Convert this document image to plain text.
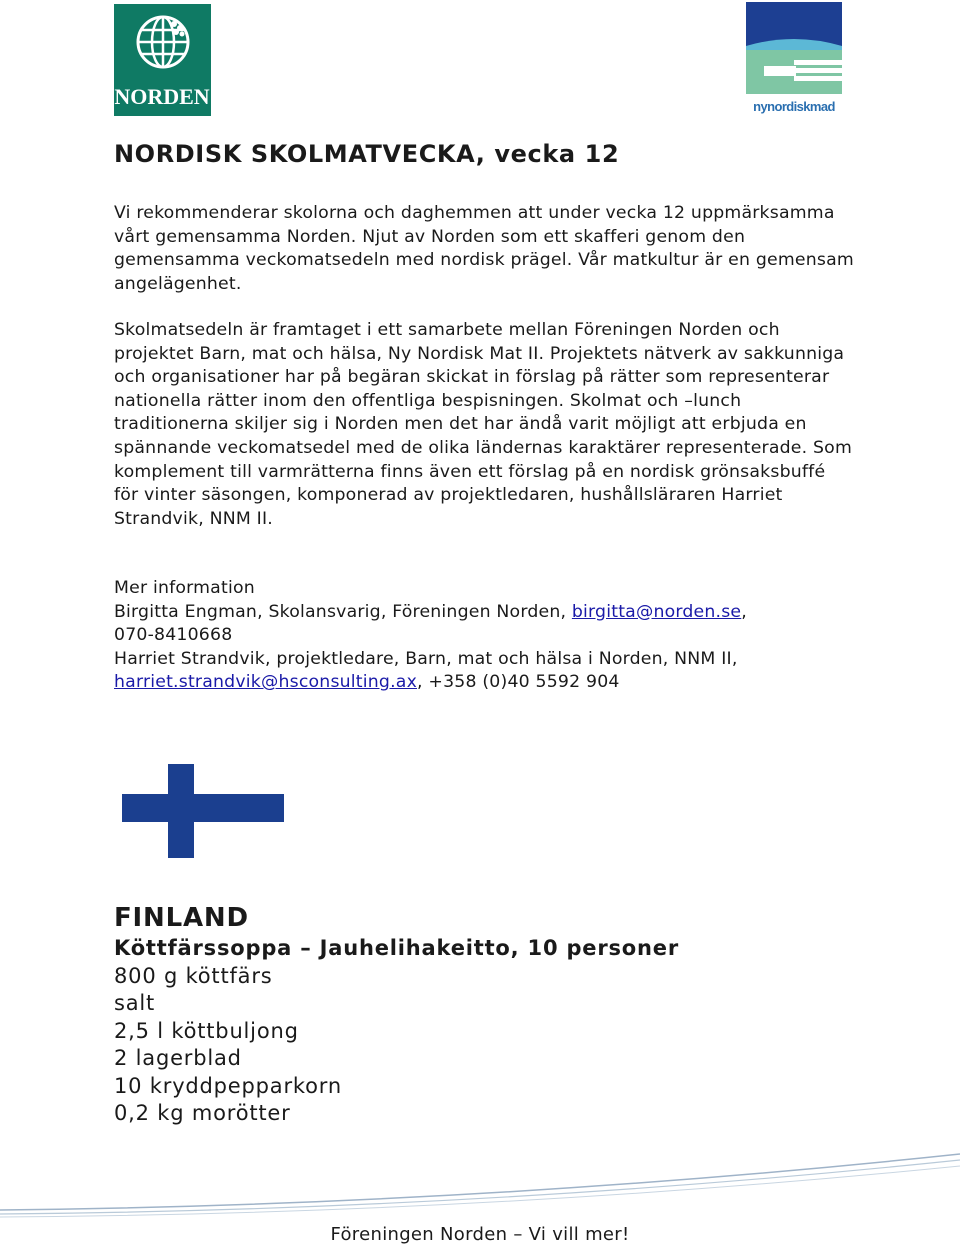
NORDEN	nynordiskmad
NORDISK SKOLMATVECKA, vecka 12

Vi rekommenderar skolorna och daghemmen att under vecka 12 uppmärksamma vårt gemensamma Norden. Njut av Norden som ett skafferi genom den gemensamma veckomatsedeln med nordisk prägel. Vår matkultur är en gemensam angelägenhet.

Skolmatsedeln är framtaget i ett samarbete mellan Föreningen Norden och projektet Barn, mat och hälsa, Ny Nordisk Mat II. Projektets nätverk av sakkunniga och organisationer har på begäran skickat in förslag på rätter som representerar nationella rätter inom den offentliga bespisningen. Skolmat och –lunch traditionerna skiljer sig i Norden men det har ändå varit möjligt att erbjuda en spännande veckomatsedel med de olika ländernas karaktärer representerade. Som komplement till varmrätterna finns även ett förslag på en nordisk grönsaksbuffé för vinter säsongen, komponerad av projektledaren, hushållsläraren Harriet Strandvik, NNM II.

Mer information
Birgitta Engman, Skolansvarig, Föreningen Norden, birgitta@norden.se,
070-8410668
Harriet Strandvik, projektledare, Barn, mat och hälsa i Norden, NNM II,
harriet.strandvik@hsconsulting.ax, +358 (0)40 5592 904
FINLAND
Köttfärssoppa – Jauhelihakeitto, 10 personer
800 g köttfärs
salt
2,5 l köttbuljong
2 lagerblad
10 kryddpepparkorn
0,2 kg morötter
Föreningen Norden – Vi vill mer!
